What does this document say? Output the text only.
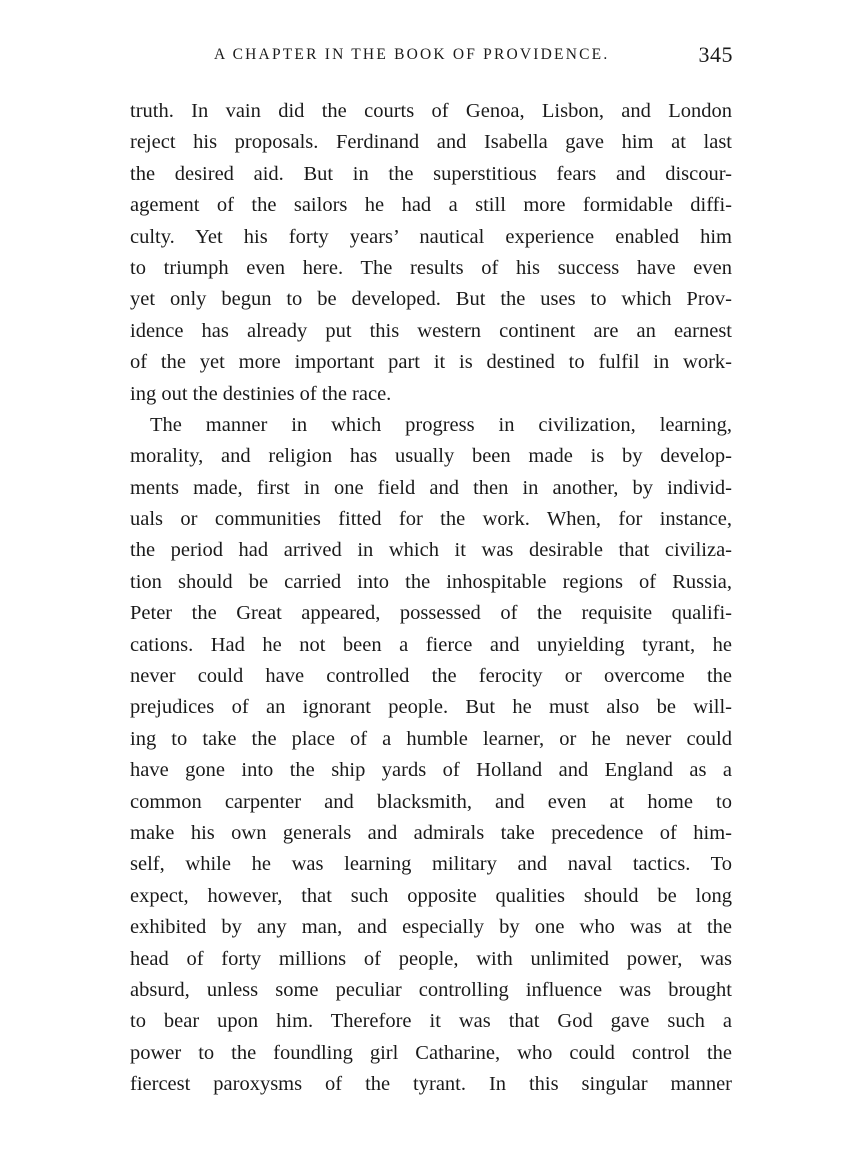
A CHAPTER IN THE BOOK OF PROVIDENCE.	345
truth. In vain did the courts of Genoa, Lisbon, and London
reject his proposals. Ferdinand and Isabella gave him at last
the desired aid. But in the superstitious fears and discour-
agement of the sailors he had a still more formidable diffi-
culty. Yet his forty years’ nautical experience enabled him
to triumph even here. The results of his success have even
yet only begun to be developed. But the uses to which Prov-
idence has already put this western continent are an earnest
of the yet more important part it is destined to fulfil in work-
ing out the destinies of the race.
The manner in which progress in civilization, learning,
morality, and religion has usually been made is by develop-
ments made, first in one field and then in another, by individ-
uals or communities fitted for the work. When, for instance,
the period had arrived in which it was desirable that civiliza-
tion should be carried into the inhospitable regions of Russia,
Peter the Great appeared, possessed of the requisite qualifi-
cations. Had he not been a fierce and unyielding tyrant, he
never could have controlled the ferocity or overcome the
prejudices of an ignorant people. But he must also be will-
ing to take the place of a humble learner, or he never could
have gone into the ship yards of Holland and England as a
common carpenter and blacksmith, and even at home to
make his own generals and admirals take precedence of him-
self, while he was learning military and naval tactics. To
expect, however, that such opposite qualities should be long
exhibited by any man, and especially by one who was at the
head of forty millions of people, with unlimited power, was
absurd, unless some peculiar controlling influence was brought
to bear upon him. Therefore it was that God gave such a
power to the foundling girl Catharine, who could control the
fiercest paroxysms of the tyrant. In this singular manner
